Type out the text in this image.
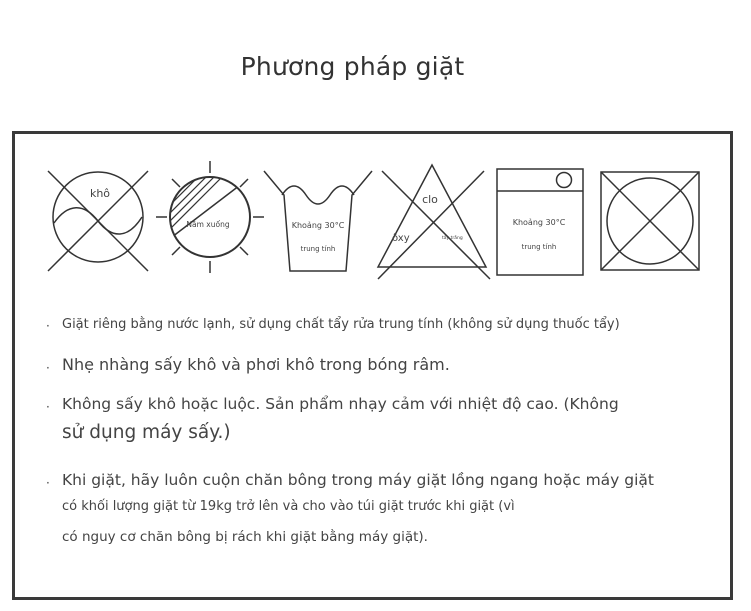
Phương pháp giặt
khô
Nằm xuống	Khoảng 30°C
trung tính
clo
ôxy	tẩy trắng
Khoảng 30°C
trung tính
· Giặt riêng bằng nước lạnh, sử dụng chất tẩy rửa trung tính (không sử dụng thuốc tẩy)
· Nhẹ nhàng sấy khô và phơi khô trong bóng râm.
· Không sấy khô hoặc luộc. Sản phẩm nhạy cảm với nhiệt độ cao. (Không
sử dụng máy sấy.)
· Khi giặt, hãy luôn cuộn chăn bông trong máy giặt lồng ngang hoặc máy giặt
có khối lượng giặt từ 19kg trở lên và cho vào túi giặt trước khi giặt (vì
có nguy cơ chăn bông bị rách khi giặt bằng máy giặt).
